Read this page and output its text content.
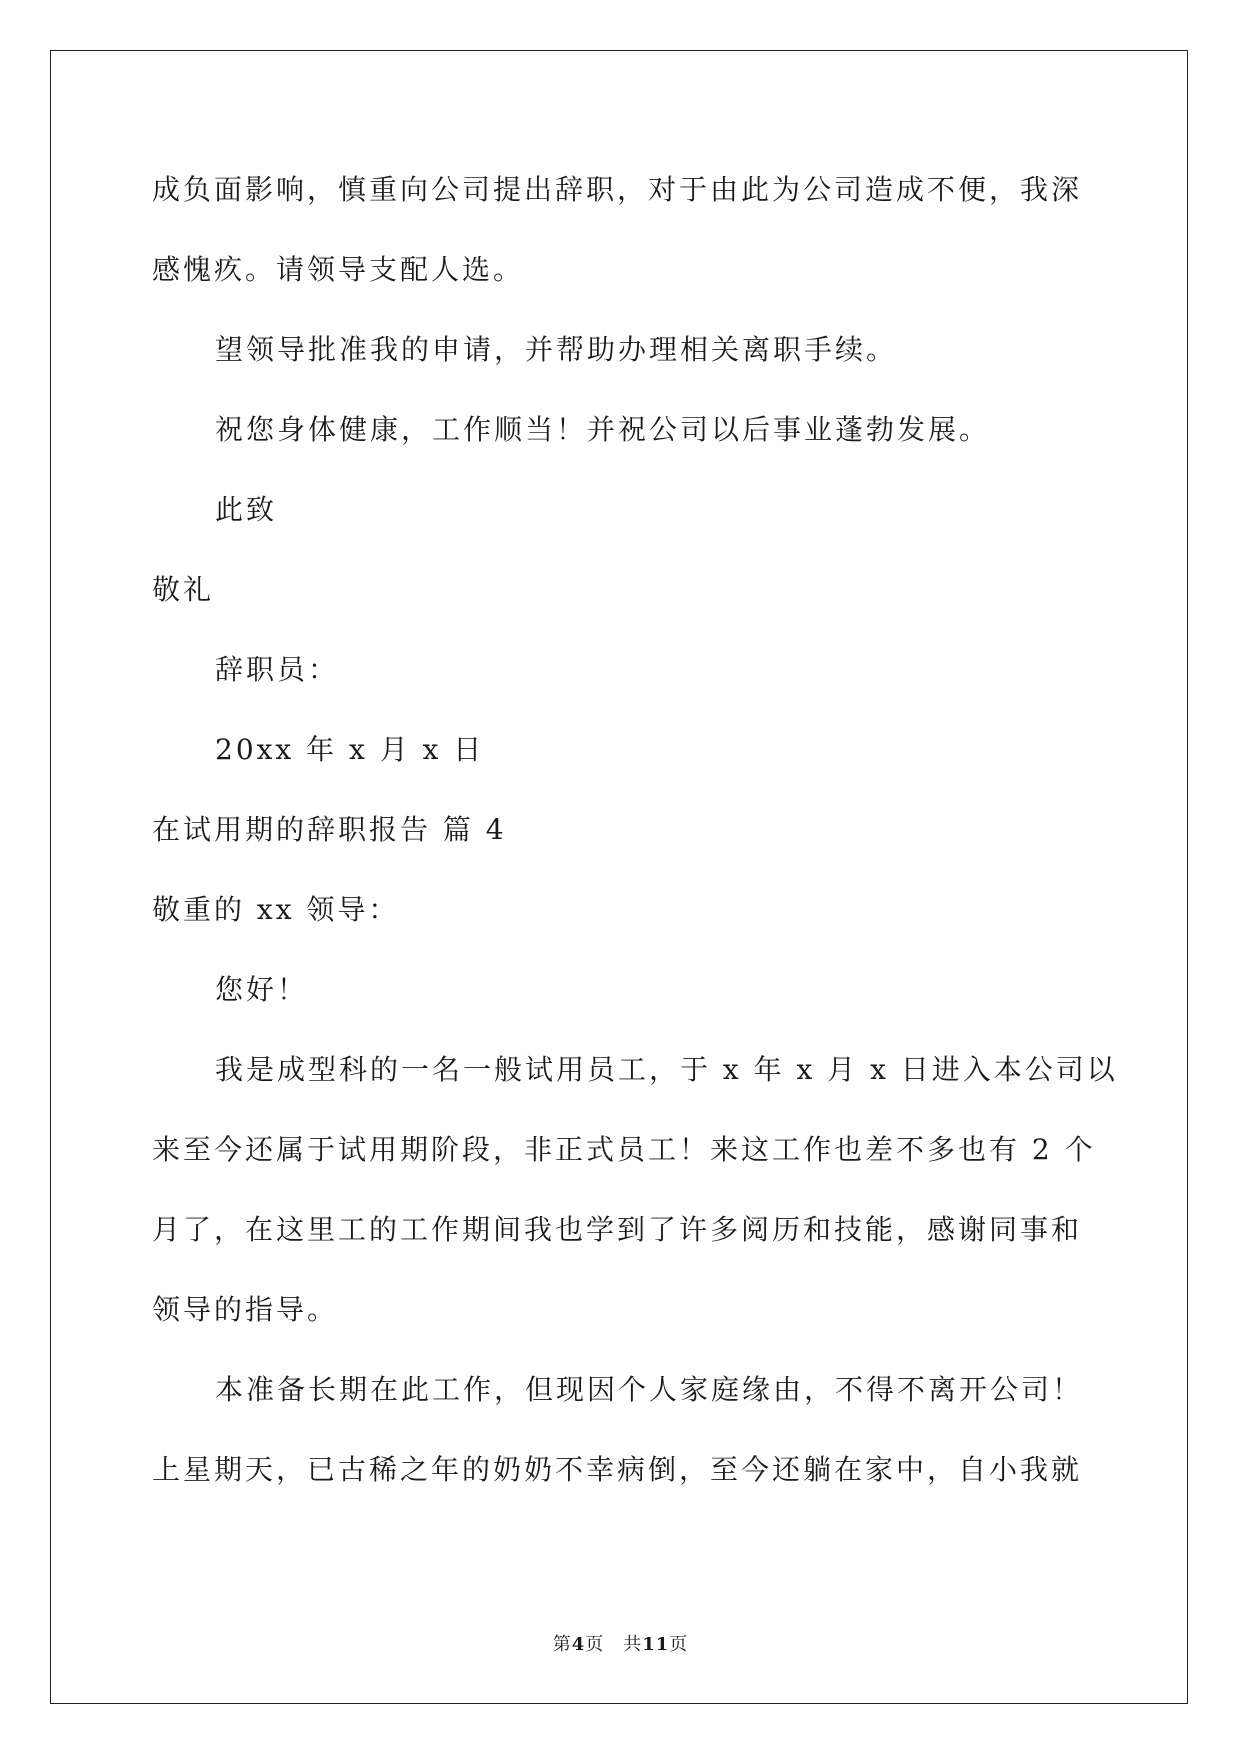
成负面影响，慎重向公司提出辞职，对于由此为公司造成不便，我深
感愧疚。请领导支配人选。
望领导批准我的申请，并帮助办理相关离职手续。
祝您身体健康，工作顺当！并祝公司以后事业蓬勃发展。
此致
敬礼
辞职员：
20xx 年 x 月 x 日
在试用期的辞职报告 篇 4
敬重的 xx 领导：
您好！
我是成型科的一名一般试用员工，于 x 年 x 月 x 日进入本公司以
来至今还属于试用期阶段，非正式员工！来这工作也差不多也有 2 个
月了，在这里工的工作期间我也学到了许多阅历和技能，感谢同事和
领导的指导。
本准备长期在此工作，但现因个人家庭缘由，不得不离开公司！
上星期天，已古稀之年的奶奶不幸病倒，至今还躺在家中，自小我就
第4页　共11页
